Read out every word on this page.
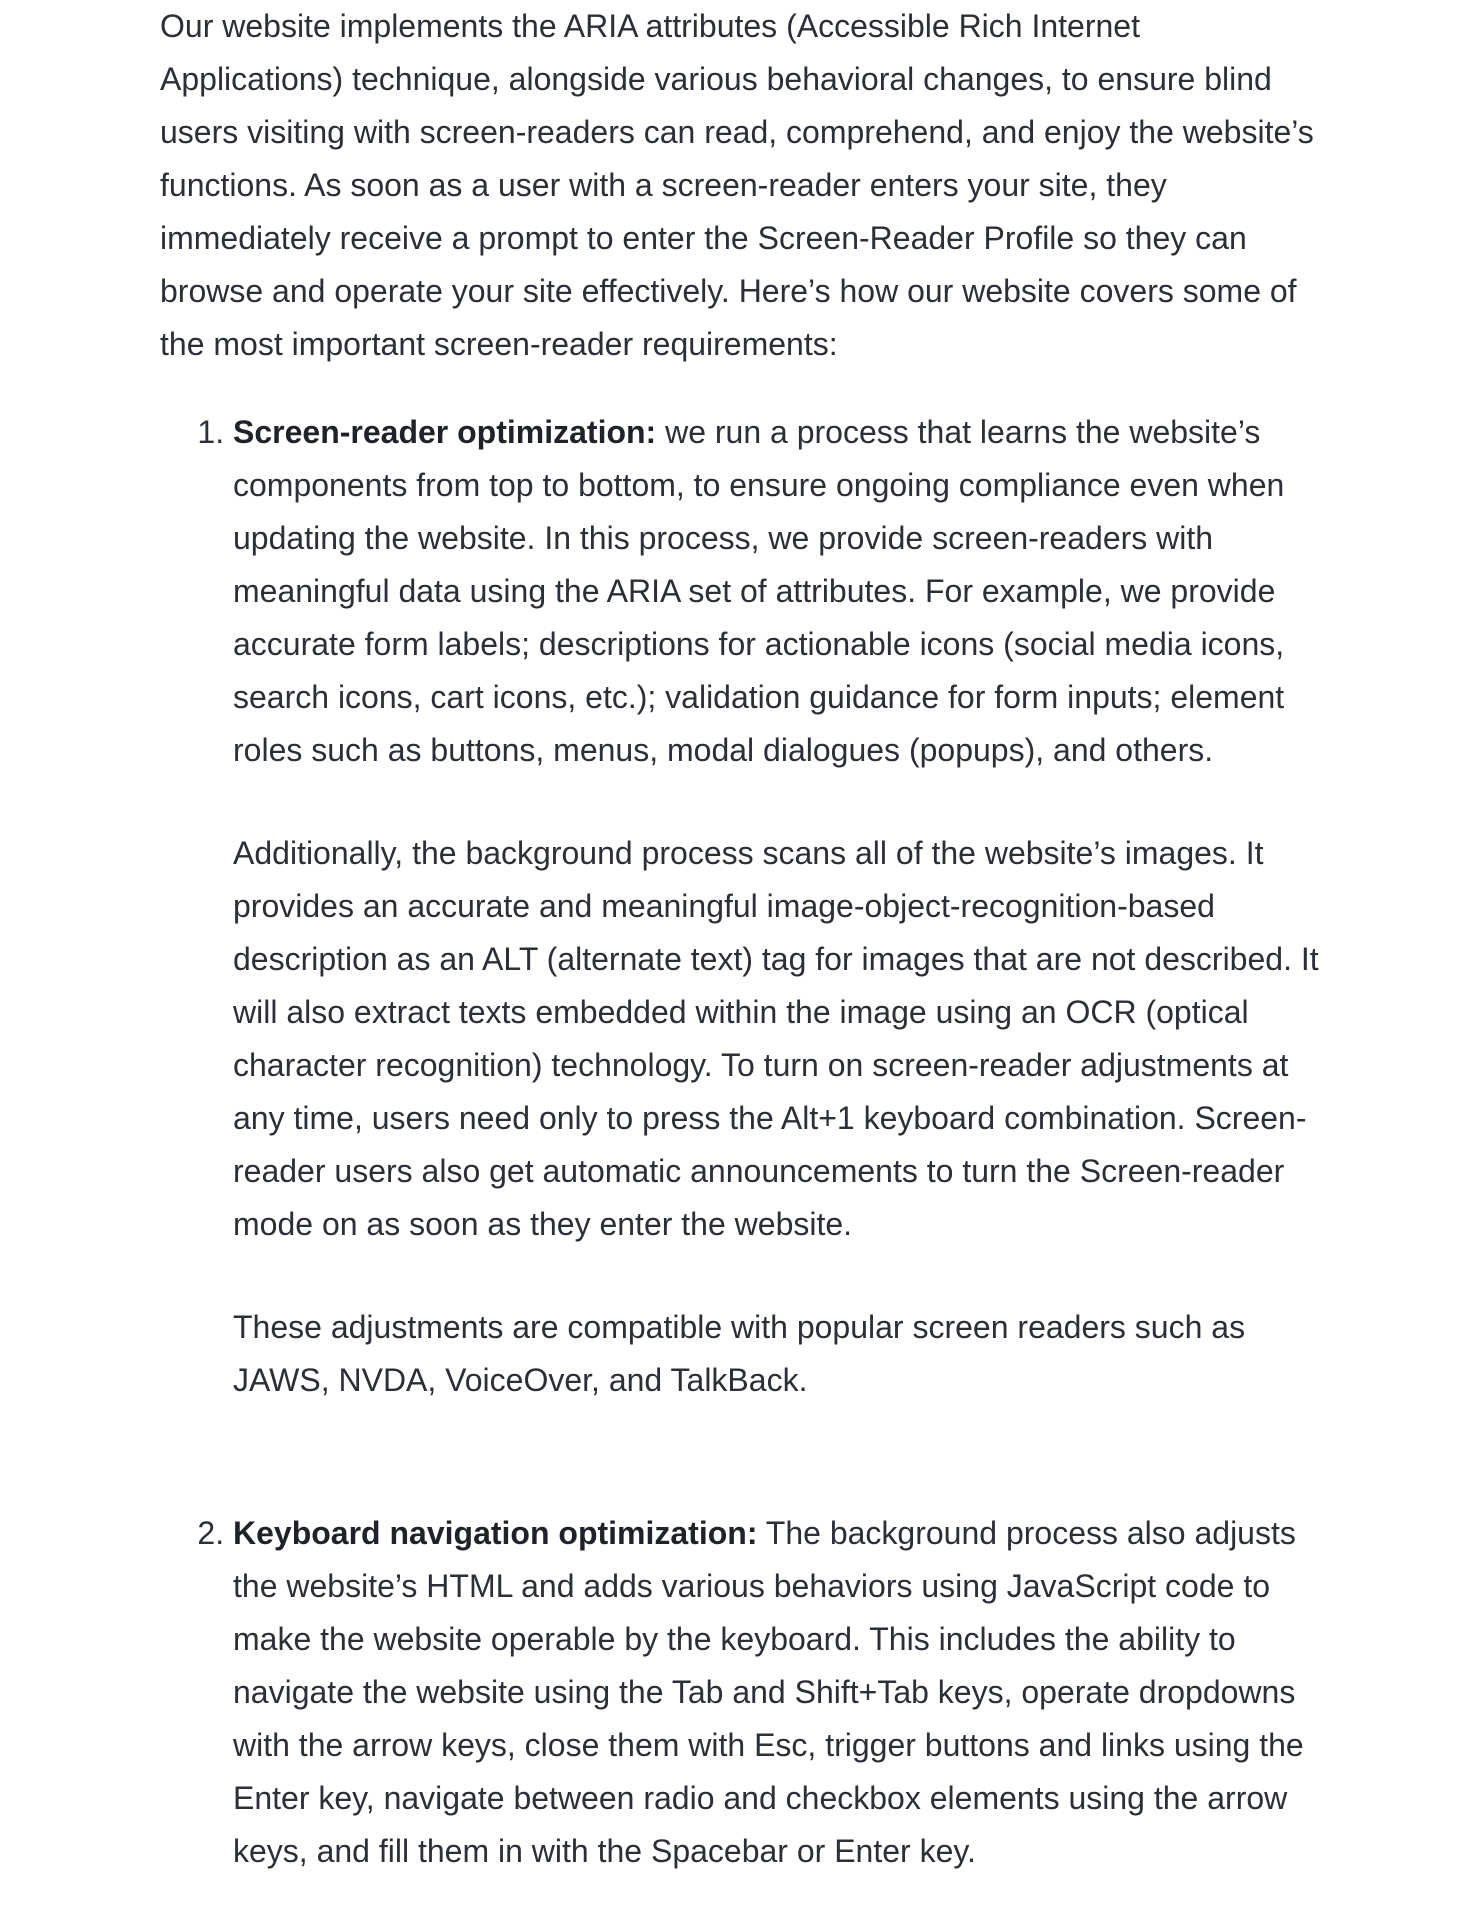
Our website implements the ARIA attributes (Accessible Rich Internet Applications) technique, alongside various behavioral changes, to ensure blind users visiting with screen-readers can read, comprehend, and enjoy the website’s functions. As soon as a user with a screen-reader enters your site, they immediately receive a prompt to enter the Screen-Reader Profile so they can browse and operate your site effectively. Here’s how our website covers some of the most important screen-reader requirements:

1. Screen-reader optimization: we run a process that learns the website’s components from top to bottom, to ensure ongoing compliance even when updating the website. In this process, we provide screen-readers with meaningful data using the ARIA set of attributes. For example, we provide accurate form labels; descriptions for actionable icons (social media icons, search icons, cart icons, etc.); validation guidance for form inputs; element roles such as buttons, menus, modal dialogues (popups), and others.

Additionally, the background process scans all of the website’s images. It provides an accurate and meaningful image-object-recognition-based description as an ALT (alternate text) tag for images that are not described. It will also extract texts embedded within the image using an OCR (optical character recognition) technology. To turn on screen-reader adjustments at any time, users need only to press the Alt+1 keyboard combination. Screen-reader users also get automatic announcements to turn the Screen-reader mode on as soon as they enter the website.

These adjustments are compatible with popular screen readers such as JAWS, NVDA, VoiceOver, and TalkBack.

2. Keyboard navigation optimization: The background process also adjusts the website’s HTML and adds various behaviors using JavaScript code to make the website operable by the keyboard. This includes the ability to navigate the website using the Tab and Shift+Tab keys, operate dropdowns with the arrow keys, close them with Esc, trigger buttons and links using the Enter key, navigate between radio and checkbox elements using the arrow keys, and fill them in with the Spacebar or Enter key.
